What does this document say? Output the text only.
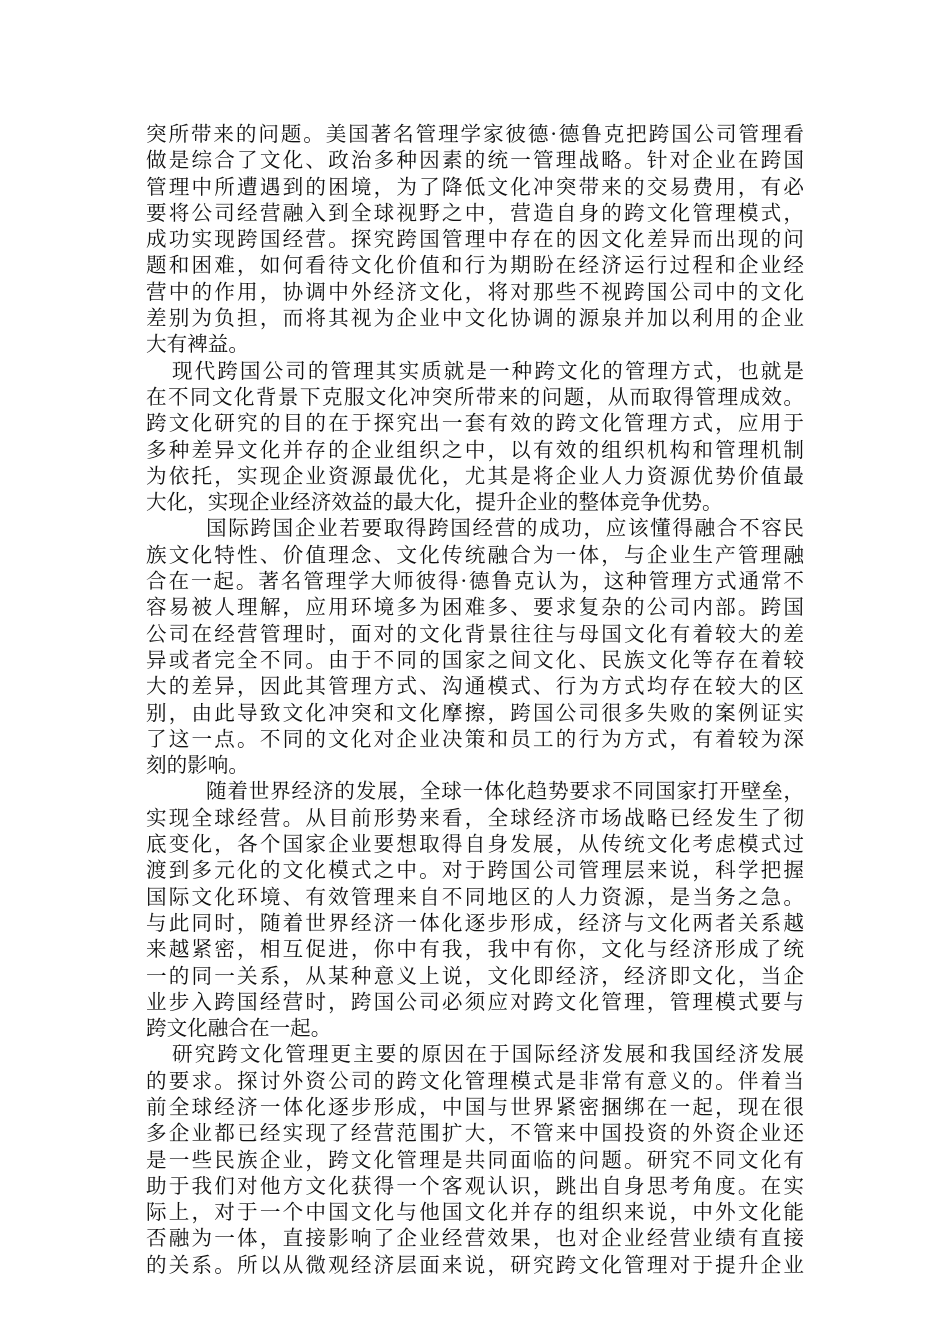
突所带来的问题。美国著名管理学家彼德·德鲁克把跨国公司管理看
做是综合了文化、政治多种因素的统一管理战略。针对企业在跨国
管理中所遭遇到的困境，为了降低文化冲突带来的交易费用，有必
要将公司经营融入到全球视野之中，营造自身的跨文化管理模式，
成功实现跨国经营。探究跨国管理中存在的因文化差异而出现的问
题和困难，如何看待文化价值和行为期盼在经济运行过程和企业经
营中的作用，协调中外经济文化，将对那些不视跨国公司中的文化
差别为负担，而将其视为企业中文化协调的源泉并加以利用的企业
大有裨益。
现代跨国公司的管理其实质就是一种跨文化的管理方式，也就是
在不同文化背景下克服文化冲突所带来的问题，从而取得管理成效。
跨文化研究的目的在于探究出一套有效的跨文化管理方式，应用于
多种差异文化并存的企业组织之中，以有效的组织机构和管理机制
为依托，实现企业资源最优化，尤其是将企业人力资源优势价值最
大化，实现企业经济效益的最大化，提升企业的整体竞争优势。
国际跨国企业若要取得跨国经营的成功，应该懂得融合不容民
族文化特性、价值理念、文化传统融合为一体，与企业生产管理融
合在一起。著名管理学大师彼得·德鲁克认为，这种管理方式通常不
容易被人理解，应用环境多为困难多、要求复杂的公司内部。跨国
公司在经营管理时，面对的文化背景往往与母国文化有着较大的差
异或者完全不同。由于不同的国家之间文化、民族文化等存在着较
大的差异，因此其管理方式、沟通模式、行为方式均存在较大的区
别，由此导致文化冲突和文化摩擦，跨国公司很多失败的案例证实
了这一点。不同的文化对企业决策和员工的行为方式，有着较为深
刻的影响。
随着世界经济的发展，全球一体化趋势要求不同国家打开壁垒，
实现全球经营。从目前形势来看，全球经济市场战略已经发生了彻
底变化，各个国家企业要想取得自身发展，从传统文化考虑模式过
渡到多元化的文化模式之中。对于跨国公司管理层来说，科学把握
国际文化环境、有效管理来自不同地区的人力资源，是当务之急。
与此同时，随着世界经济一体化逐步形成，经济与文化两者关系越
来越紧密，相互促进，你中有我，我中有你，文化与经济形成了统
一的同一关系，从某种意义上说，文化即经济，经济即文化，当企
业步入跨国经营时，跨国公司必须应对跨文化管理，管理模式要与
跨文化融合在一起。
研究跨文化管理更主要的原因在于国际经济发展和我国经济发展
的要求。探讨外资公司的跨文化管理模式是非常有意义的。伴着当
前全球经济一体化逐步形成，中国与世界紧密捆绑在一起，现在很
多企业都已经实现了经营范围扩大，不管来中国投资的外资企业还
是一些民族企业，跨文化管理是共同面临的问题。研究不同文化有
助于我们对他方文化获得一个客观认识，跳出自身思考角度。在实
际上，对于一个中国文化与他国文化并存的组织来说，中外文化能
否融为一体，直接影响了企业经营效果，也对企业经营业绩有直接
的关系。所以从微观经济层面来说，研究跨文化管理对于提升企业
